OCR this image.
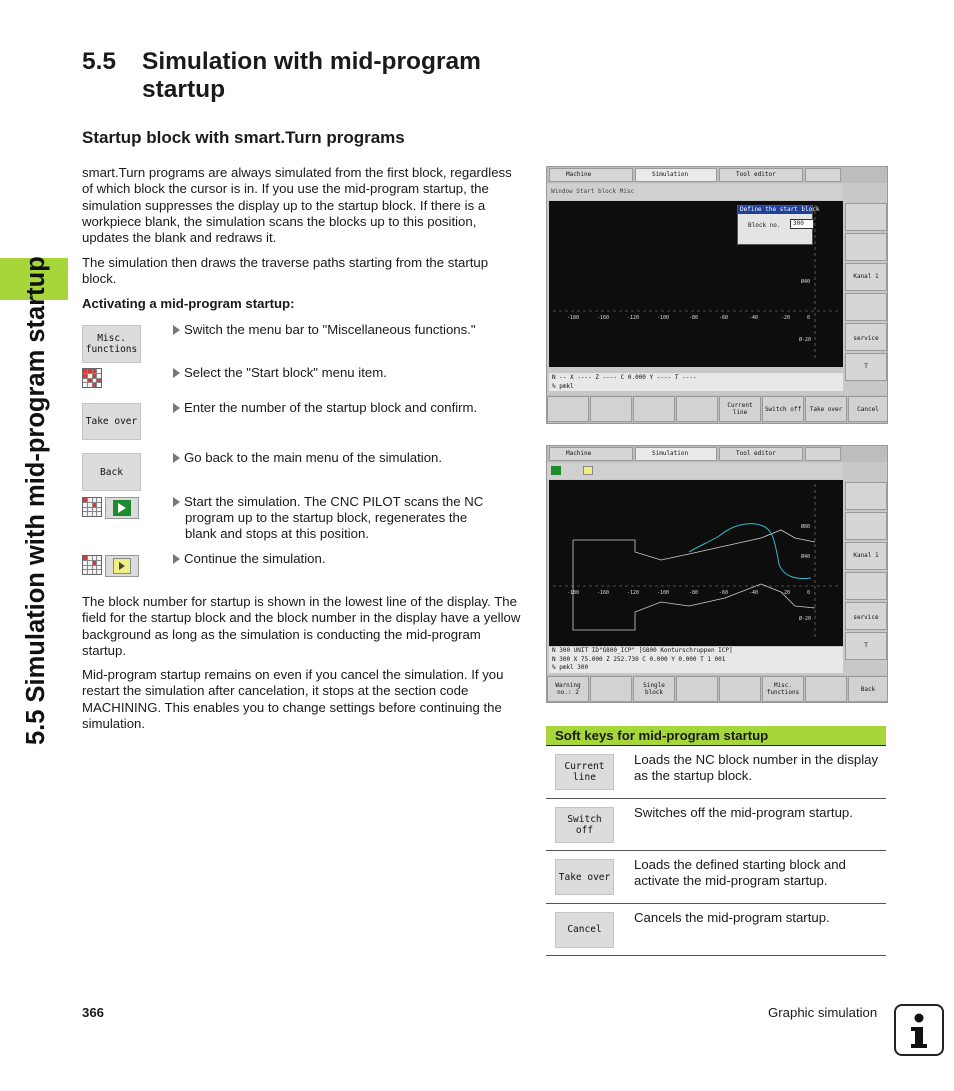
5.5 Simulation with mid-program startup
5.5 Simulation with mid-program startup
Startup block with smart.Turn programs

smart.Turn programs are always simulated from the first block, regardless of which block the cursor is in. If you use the mid-program startup, the simulation suppresses the display up to the startup block. If there is a workpiece blank, the simulation scans the blocks up to this position, updates the blank and redraws it.

The simulation then draws the traverse paths starting from the startup block.

Activating a mid-program startup:

Misc.
functions
Switch the menu bar to "Miscellaneous functions."
Select the "Start block" menu item.
Take over
Enter the number of the startup block and confirm.
Back
Go back to the main menu of the simulation.
Start the simulation. The CNC PILOT scans the NC
program up to the startup block, regenerates the
blank and stops at this position.
Continue the simulation.

The block number for startup is shown in the lowest line of the display. The field for the startup block and the block number in the display have a yellow background as long as the simulation is conducting the mid-program startup.

Mid-program startup remains on even if you cancel the simulation. If you restart the simulation after cancelation, it stops at the section code MACHINING. This enables you to change settings before continuing the simulation.

Machine	Simulation	Tool editor
Window Start block Misc
-180	-160	-120	-100	-80	-60	-40	-20	0
Ø40
Ø-20
Define the start block
Block no.	300
Kanal 1
service
T
N -- X ---- Z ---- C 0.000 Y ---- T ----
% pmkl
Current
line	Switch off	Take over	Cancel
Machine	Simulation	Tool editor

-180	-160	-120	-100	-80	-60	-40	-20	0
Ø80
Ø40
Ø-20
Kanal 1
service
T
N 300 UNIT ID"G800_ICP" [G800 Konturschruppen ICP]
N 300 X 75.000 Z 252.730 C 0.000 Y 0.000 T 1 001
% pmkl 300
Warning
no.: 2
Single
block
Misc.
functions	Back
Soft keys for mid-program startup
Current
line
Loads the NC block number in the display as the startup block.
Switch off
Switches off the mid-program startup.
Take over
Loads the defined starting block and activate the mid-program startup.
Cancel
Cancels the mid-program startup.
366	Graphic simulation
